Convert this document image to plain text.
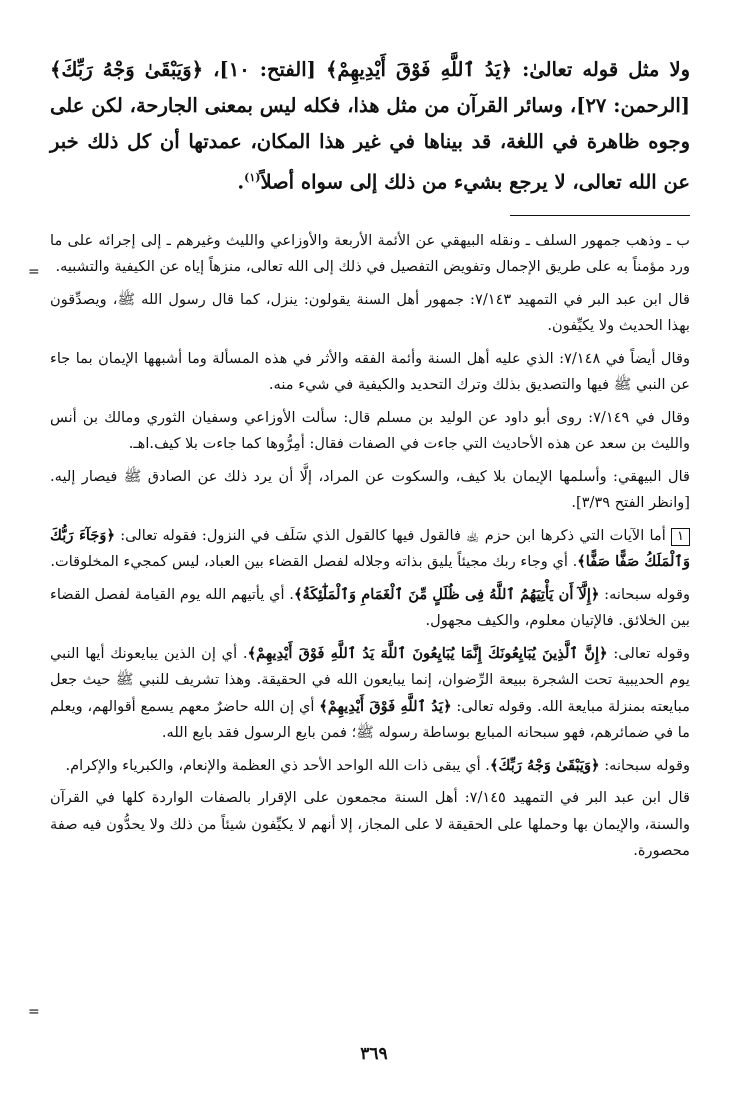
=
=

ولا مثل قوله تعالىٰ: ﴿يَدُ ٱللَّهِ فَوْقَ أَيْدِيهِمْ﴾ [الفتح: ١٠]، ﴿وَيَبْقَىٰ وَجْهُ رَبِّكَ﴾ [الرحمن: ٢٧]، وسائر القرآن من مثل هذا، فكله ليس بمعنى الجارحة، لكن على وجوه ظاهرة في اللغة، قد بيناها في غير هذا المكان، عمدتها أن كل ذلك خبر عن الله تعالى، لا يرجع بشيء من ذلك إلى سواه أصلاً$^{(١)}$.

ب ـ وذهب جمهور السلف ـ ونقله البيهقي عن الأئمة الأربعة والأوزاعي والليث وغيرهم ـ إلى إجرائه على ما ورد مؤمناً به على طريق الإجمال وتفويض التفصيل في ذلك إلى الله تعالى، منزهاً إياه عن الكيفية والتشبيه.

قال ابن عبد البر في التمهيد ٧/١٤٣: جمهور أهل السنة يقولون: ينزل، كما قال رسول الله ﷺ، ويصدِّقون بهذا الحديث ولا يكيِّفون.

وقال أيضاً في ٧/١٤٨: الذي عليه أهل السنة وأئمة الفقه والأثر في هذه المسألة وما أشبهها الإيمان بما جاء عن النبي ﷺ فيها والتصديق بذلك وترك التحديد والكيفية في شيء منه.

وقال في ٧/١٤٩: روى أبو داود عن الوليد بن مسلم قال: سألت الأوزاعي وسفيان الثوري ومالك بن أنس والليث بن سعد عن هذه الأحاديث التي جاءت في الصفات فقال: أمِرُّوها كما جاءت بلا كيف.اهـ.

قال البيهقي: وأسلمها الإيمان بلا كيف، والسكوت عن المراد، إلَّا أن يرد ذلك عن الصادق ﷺ فيصار إليه. [وانظر الفتح ٣/٣٩].

١ أما الآيات التي ذكرها ابن حزم ﵀ فالقول فيها كالقول الذي سَلَف في النزول: فقوله تعالى: ﴿وَجَآءَ رَبُّكَ وَٱلْمَلَكُ صَفًّا صَفًّا﴾. أي وجاء ربك مجيئاً يليق بذاته وجلاله لفصل القضاء بين العباد، ليس كمجيء المخلوقات.

وقوله سبحانه: ﴿إِلَّآ أَن يَأْتِيَهُمُ ٱللَّهُ فِى ظُلَلٍ مِّنَ ٱلْغَمَامِ وَٱلْمَلَٰٓئِكَةُ﴾. أي يأتيهم الله يوم القيامة لفصل القضاء بين الخلائق. فالإتيان معلوم، والكيف مجهول.

وقوله تعالى: ﴿إِنَّ ٱلَّذِينَ يُبَايِعُونَكَ إِنَّمَا يُبَايِعُونَ ٱللَّهَ يَدُ ٱللَّهِ فَوْقَ أَيْدِيهِمْ﴾. أي إن الذين يبايعونك أيها النبي يوم الحديبية تحت الشجرة ببيعة الرِّضوان، إنما يبايعون الله في الحقيقة. وهذا تشريف للنبي ﷺ حيث جعل مبايعته بمنزلة مبايعة الله. وقوله تعالى: ﴿يَدُ ٱللَّهِ فَوْقَ أَيْدِيهِمْ﴾ أي إن الله حاضرٌ معهم يسمع أقوالهم، ويعلم ما في ضمائرهم، فهو سبحانه المبايع بوساطة رسوله ﷺ؛ فمن بايع الرسول فقد بايع الله.

وقوله سبحانه: ﴿وَيَبْقَىٰ وَجْهُ رَبِّكَ﴾. أي يبقى ذات الله الواحد الأحد ذي العظمة والإنعام، والكبرياء والإكرام.

قال ابن عبد البر في التمهيد ٧/١٤٥: أهل السنة مجمعون على الإقرار بالصفات الواردة كلها في القرآن والسنة، والإيمان بها وحملها على الحقيقة لا على المجاز، إلا أنهم لا يكيِّفون شيئاً من ذلك ولا يحدُّون فيه صفة محصورة.

٣٦٩
